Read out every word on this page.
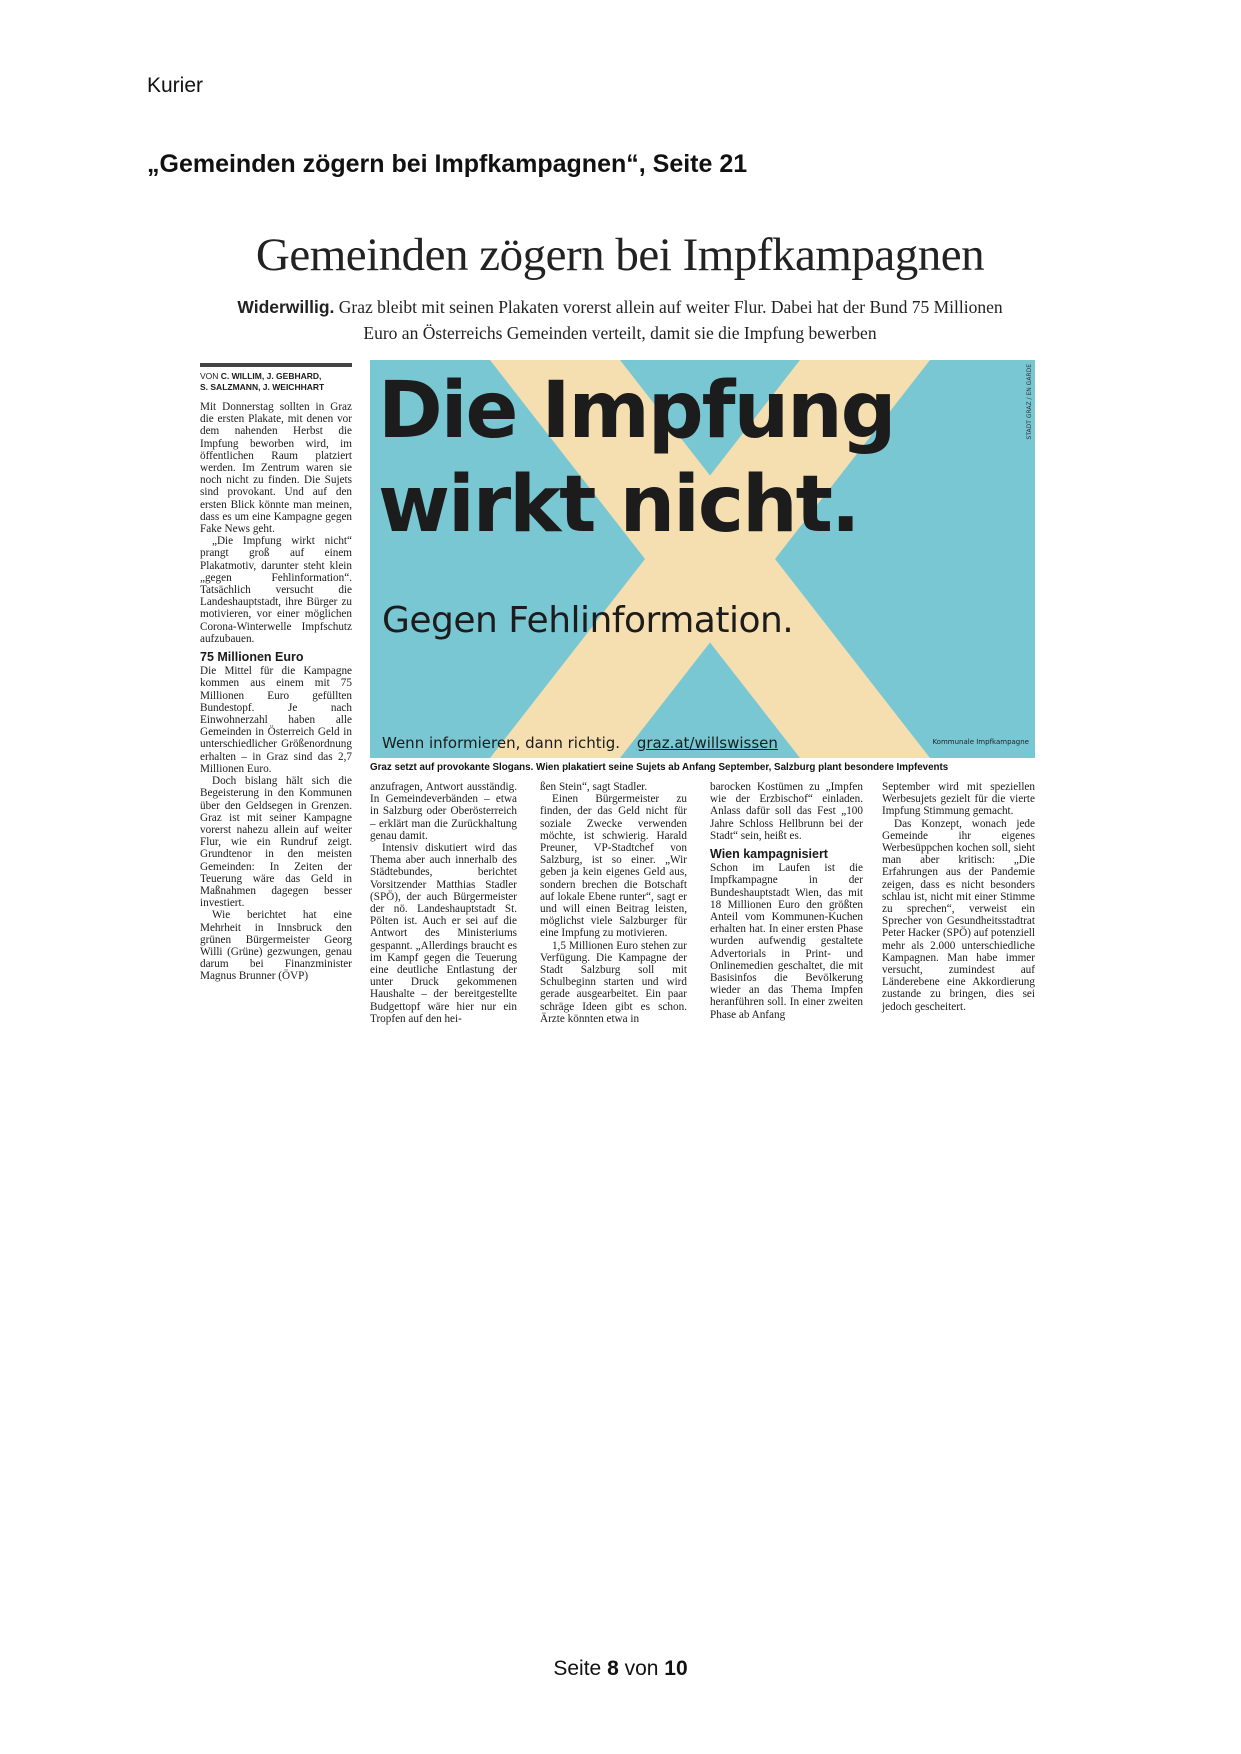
Kurier
„Gemeinden zögern bei Impfkampagnen“, Seite 21
Gemeinden zögern bei Impfkampagnen
Widerwillig. Graz bleibt mit seinen Plakaten vorerst allein auf weiter Flur. Dabei hat der Bund 75 Millionen Euro an Österreichs Gemeinden verteilt, damit sie die Impfung bewerben
VON C. WILLIM, J. GEBHARD,
S. SALZMANN, J. WEICHHART

Mit Donnerstag sollten in Graz die ersten Plakate, mit denen vor dem nahenden Herbst die Impfung beworben wird, im öffentlichen Raum platziert werden. Im Zentrum waren sie noch nicht zu finden. Die Sujets sind provokant. Und auf den ersten Blick könnte man meinen, dass es um eine Kampagne gegen Fake News geht.

„Die Impfung wirkt nicht“ prangt groß auf einem Plakatmotiv, darunter steht klein „gegen Fehlinformation“. Tatsächlich versucht die Landeshauptstadt, ihre Bürger zu motivieren, vor einer möglichen Corona-Winterwelle Impfschutz aufzubauen.

75 Millionen Euro

Die Mittel für die Kampagne kommen aus einem mit 75 Millionen Euro gefüllten Bundestopf. Je nach Einwohnerzahl haben alle Gemeinden in Österreich Geld in unterschiedlicher Größenordnung erhalten – in Graz sind das 2,7 Millionen Euro.

Doch bislang hält sich die Begeisterung in den Kommunen über den Geldsegen in Grenzen. Graz ist mit seiner Kampagne vorerst nahezu allein auf weiter Flur, wie ein Rundruf zeigt. Grundtenor in den meisten Gemeinden: In Zeiten der Teuerung wäre das Geld in Maßnahmen dagegen besser investiert.

Wie berichtet hat eine Mehrheit in Innsbruck den grünen Bürgermeister Georg Willi (Grüne) gezwungen, genau darum bei Finanzminister Magnus Brunner (ÖVP)

Die Impfung
wirkt nicht.
Gegen Fehlinformation.
Wenn informieren, dann richtig. graz.at/willswissen	Kommunale Impfkampagne
STADT GRAZ / EN GARDE
Graz setzt auf provokante Slogans. Wien plakatiert seine Sujets ab Anfang September, Salzburg plant besondere Impfevents

anzufragen, Antwort ausständig. In Gemeindeverbänden – etwa in Salzburg oder Oberösterreich – erklärt man die Zurückhaltung genau damit.

Intensiv diskutiert wird das Thema aber auch innerhalb des Städtebundes, berichtet Vorsitzender Matthias Stadler (SPÖ), der auch Bürgermeister der nö. Landeshauptstadt St. Pölten ist. Auch er sei auf die Antwort des Ministeriums gespannt. „Allerdings braucht es im Kampf gegen die Teuerung eine deutliche Entlastung der unter Druck gekommenen Haushalte – der bereitgestellte Budgettopf wäre hier nur ein Tropfen auf den hei-

ßen Stein“, sagt Stadler.

Einen Bürgermeister zu finden, der das Geld nicht für soziale Zwecke verwenden möchte, ist schwierig. Harald Preuner, VP-Stadtchef von Salzburg, ist so einer. „Wir geben ja kein eigenes Geld aus, sondern brechen die Botschaft auf lokale Ebene runter“, sagt er und will einen Beitrag leisten, möglichst viele Salzburger für eine Impfung zu motivieren.

1,5 Millionen Euro stehen zur Verfügung. Die Kampagne der Stadt Salzburg soll mit Schulbeginn starten und wird gerade ausgearbeitet. Ein paar schräge Ideen gibt es schon. Ärzte könnten etwa in

barocken Kostümen zu „Impfen wie der Erzbischof“ einladen. Anlass dafür soll das Fest „100 Jahre Schloss Hellbrunn bei der Stadt“ sein, heißt es.

Wien kampagnisiert

Schon im Laufen ist die Impfkampagne in der Bundeshauptstadt Wien, das mit 18 Millionen Euro den größten Anteil vom Kommunen-Kuchen erhalten hat. In einer ersten Phase wurden aufwendig gestaltete Advertorials in Print- und Onlinemedien geschaltet, die mit Basisinfos die Bevölkerung wieder an das Thema Impfen heranführen soll. In einer zweiten Phase ab Anfang

September wird mit speziellen Werbesujets gezielt für die vierte Impfung Stimmung gemacht.

Das Konzept, wonach jede Gemeinde ihr eigenes Werbesüppchen kochen soll, sieht man aber kritisch: „Die Erfahrungen aus der Pandemie zeigen, dass es nicht besonders schlau ist, nicht mit einer Stimme zu sprechen“, verweist ein Sprecher von Gesundheitsstadtrat Peter Hacker (SPÖ) auf potenziell mehr als 2.000 unterschiedliche Kampagnen. Man habe immer versucht, zumindest auf Länderebene eine Akkordierung zustande zu bringen, dies sei jedoch gescheitert.

Seite 8 von 10
